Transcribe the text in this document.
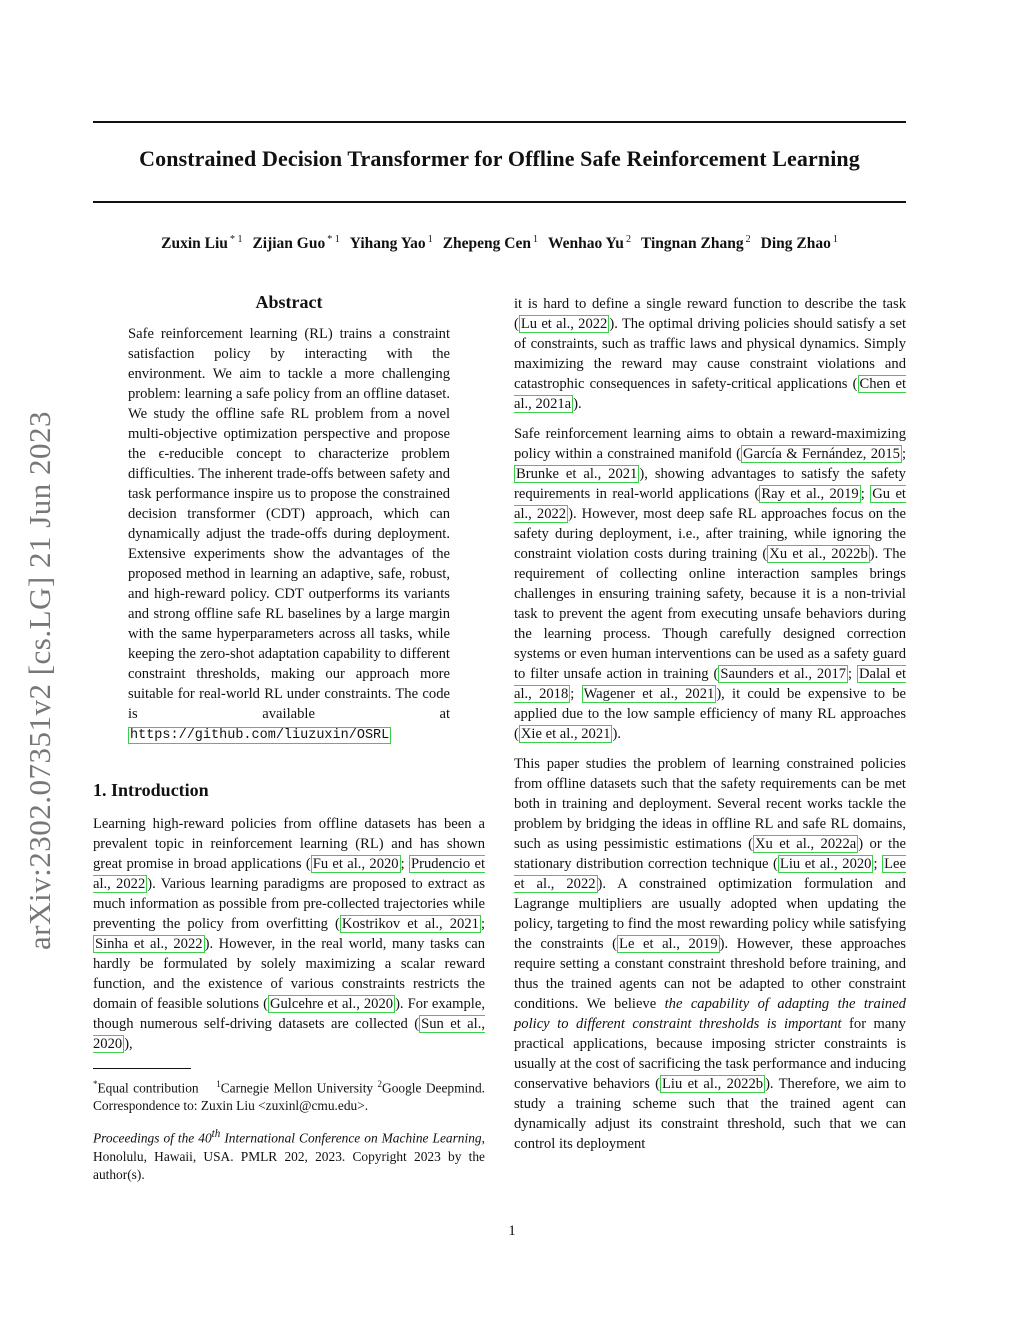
Constrained Decision Transformer for Offline Safe Reinforcement Learning
Zuxin Liu $^{* 1}$ Zijian Guo $^{* 1}$ Yihang Yao $^1$ Zhepeng Cen $^1$ Wenhao Yu $^2$ Tingnan Zhang $^2$ Ding Zhao $^1$
arXiv:2302.07351v2 [cs.LG] 21 Jun 2023
Abstract
Safe reinforcement learning (RL) trains a constraint satisfaction policy by interacting with the environment. We aim to tackle a more challenging problem: learning a safe policy from an offline dataset. We study the offline safe RL problem from a novel multi-objective optimization perspective and propose the ϵ-reducible concept to characterize problem difficulties. The inherent trade-offs between safety and task performance inspire us to propose the constrained decision transformer (CDT) approach, which can dynamically adjust the trade-offs during deployment. Extensive experiments show the advantages of the proposed method in learning an adaptive, safe, robust, and high-reward policy. CDT outperforms its variants and strong offline safe RL baselines by a large margin with the same hyperparameters across all tasks, while keeping the zero-shot adaptation capability to different constraint thresholds, making our approach more suitable for real-world RL under constraints. The code is available at https://github.com/liuzuxin/OSRL
1. Introduction
Learning high-reward policies from offline datasets has been a prevalent topic in reinforcement learning (RL) and has shown great promise in broad applications ( Fu et al., 2020 ; Prudencio et al., 2022 ). Various learning paradigms are proposed to extract as much information as possible from pre-collected trajectories while preventing the policy from overfitting ( Kostrikov et al., 2021 ; Sinha et al., 2022 ). However, in the real world, many tasks can hardly be formulated by solely maximizing a scalar reward function, and the existence of various constraints restricts the domain of feasible solutions ( Gulcehre et al., 2020 ). For example, though numerous self-driving datasets are collected ( Sun et al., 2020 ),
*Equal contribution $^1$Carnegie Mellon University $^2$Google Deepmind. Correspondence to: Zuxin Liu <zuxinl@cmu.edu>.
Proceedings of the 40th International Conference on Machine Learning, Honolulu, Hawaii, USA. PMLR 202, 2023. Copyright 2023 by the author(s).
it is hard to define a single reward function to describe the task ( Lu et al., 2022 ). The optimal driving policies should satisfy a set of constraints, such as traffic laws and physical dynamics. Simply maximizing the reward may cause constraint violations and catastrophic consequences in safety-critical applications ( Chen et al., 2021a ).
Safe reinforcement learning aims to obtain a reward-maximizing policy within a constrained manifold ( García & Fernández, 2015 ; Brunke et al., 2021 ), showing advantages to satisfy the safety requirements in real-world applications ( Ray et al., 2019 ; Gu et al., 2022 ). However, most deep safe RL approaches focus on the safety during deployment, i.e., after training, while ignoring the constraint violation costs during training ( Xu et al., 2022b ). The requirement of collecting online interaction samples brings challenges in ensuring training safety, because it is a non-trivial task to prevent the agent from executing unsafe behaviors during the learning process. Though carefully designed correction systems or even human interventions can be used as a safety guard to filter unsafe action in training ( Saunders et al., 2017 ; Dalal et al., 2018 ; Wagener et al., 2021 ), it could be expensive to be applied due to the low sample efficiency of many RL approaches ( Xie et al., 2021 ).
This paper studies the problem of learning constrained policies from offline datasets such that the safety requirements can be met both in training and deployment. Several recent works tackle the problem by bridging the ideas in offline RL and safe RL domains, such as using pessimistic estimations ( Xu et al., 2022a ) or the stationary distribution correction technique ( Liu et al., 2020 ; Lee et al., 2022 ). A constrained optimization formulation and Lagrange multipliers are usually adopted when updating the policy, targeting to find the most rewarding policy while satisfying the constraints ( Le et al., 2019 ). However, these approaches require setting a constant constraint threshold before training, and thus the trained agents can not be adapted to other constraint conditions. We believe the capability of adapting the trained policy to different constraint thresholds is important for many practical applications, because imposing stricter constraints is usually at the cost of sacrificing the task performance and inducing conservative behaviors ( Liu et al., 2022b ). Therefore, we aim to study a training scheme such that the trained agent can dynamically adjust its constraint threshold, such that we can control its deployment
1
